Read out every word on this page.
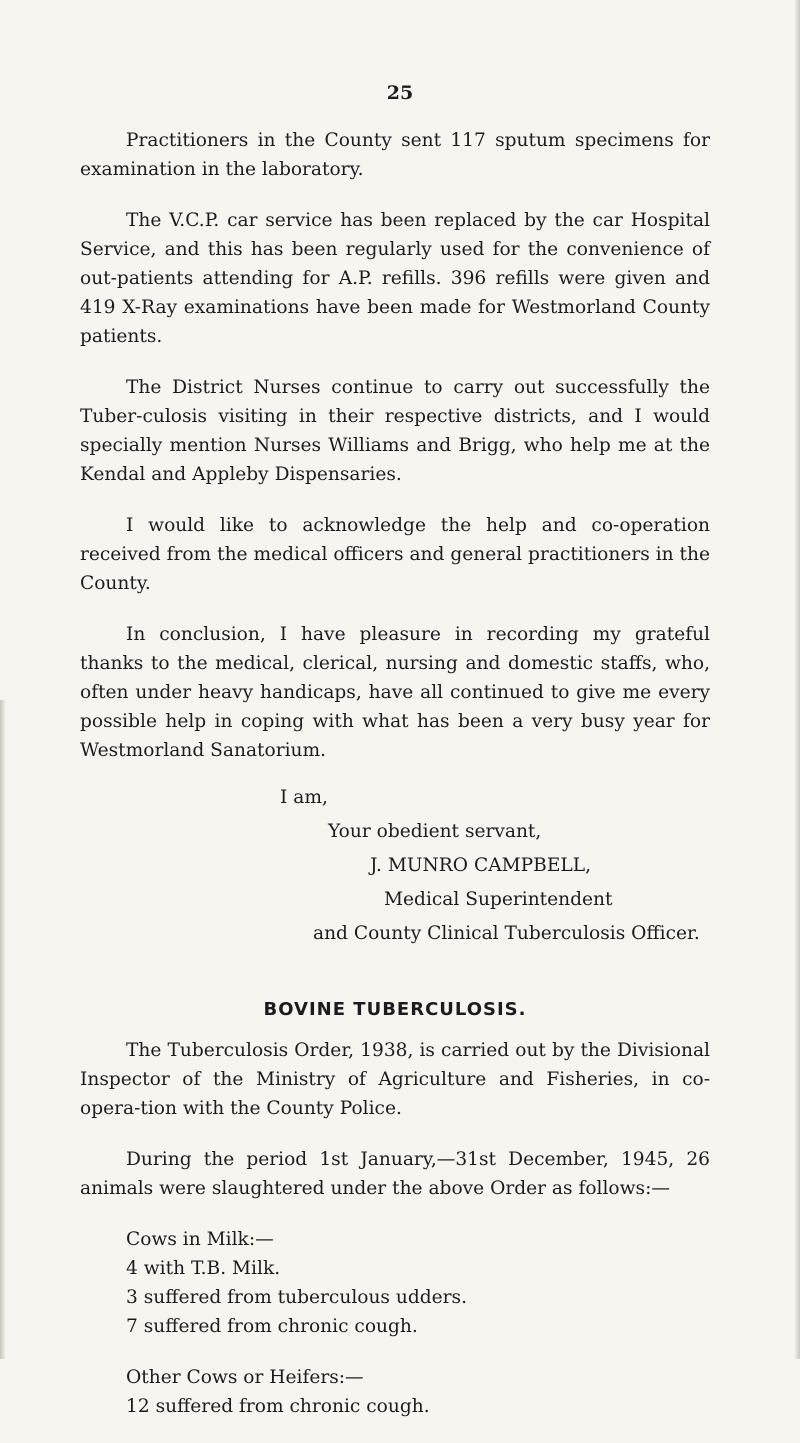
25

Practitioners in the County sent 117 sputum specimens for examination in the laboratory.

The V.C.P. car service has been replaced by the car Hospital Service, and this has been regularly used for the convenience of out-patients attending for A.P. refills. 396 refills were given and 419 X-Ray examinations have been made for Westmorland County patients.

The District Nurses continue to carry out successfully the Tuber-culosis visiting in their respective districts, and I would specially mention Nurses Williams and Brigg, who help me at the Kendal and Appleby Dispensaries.

I would like to acknowledge the help and co-operation received from the medical officers and general practitioners in the County.

In conclusion, I have pleasure in recording my grateful thanks to the medical, clerical, nursing and domestic staffs, who, often under heavy handicaps, have all continued to give me every possible help in coping with what has been a very busy year for Westmorland Sanatorium.

I am,
Your obedient servant,
J. MUNRO CAMPBELL,
Medical Superintendent
and County Clinical Tuberculosis Officer.
BOVINE TUBERCULOSIS.

The Tuberculosis Order, 1938, is carried out by the Divisional Inspector of the Ministry of Agriculture and Fisheries, in co-opera-tion with the County Police.

During the period 1st January,—31st December, 1945, 26 animals were slaughtered under the above Order as follows:—

Cows in Milk:—
4 with T.B. Milk.
3 suffered from tuberculous udders.
7 suffered from chronic cough.
Other Cows or Heifers:—
12 suffered from chronic cough.
